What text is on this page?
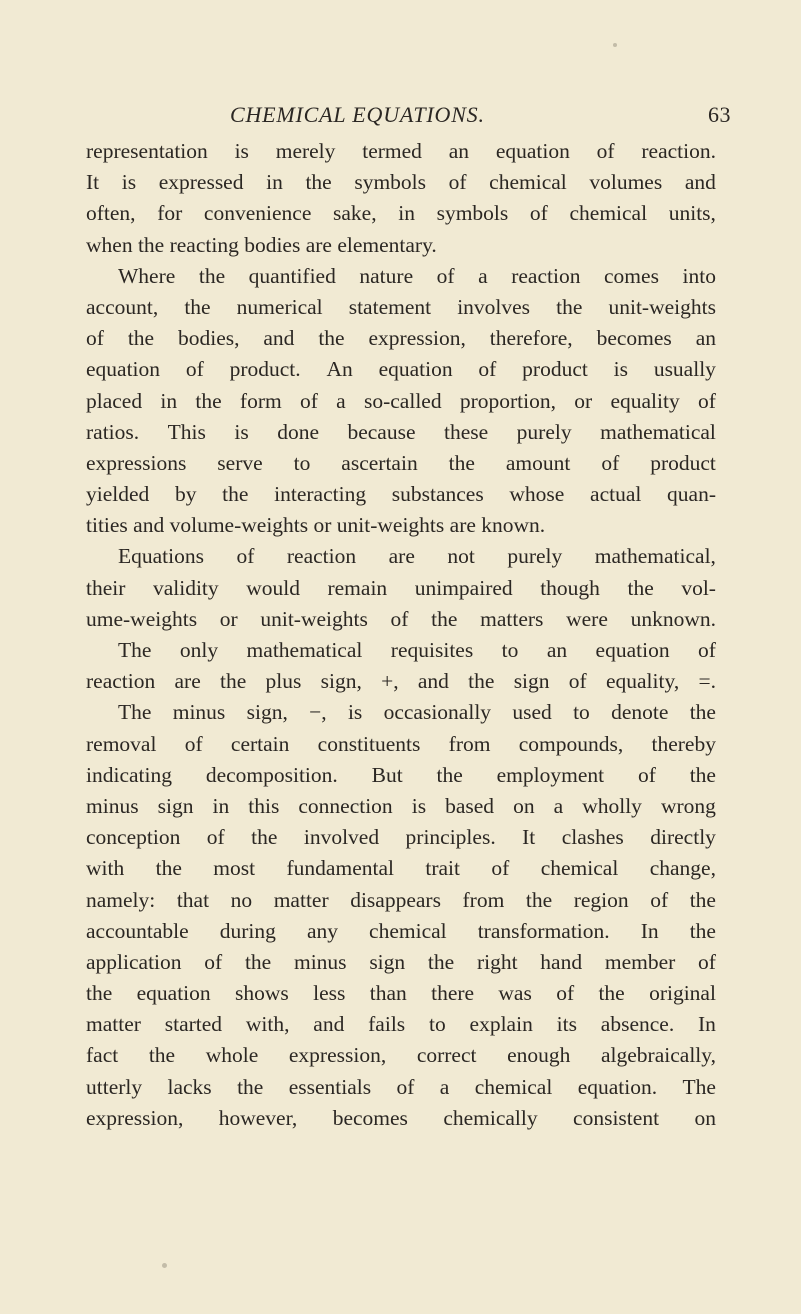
CHEMICAL EQUATIONS.	63
representation is merely termed an equation of reaction.
It is expressed in the symbols of chemical volumes and
often, for convenience sake, in symbols of chemical units,
when the reacting bodies are elementary.
Where the quantified nature of a reaction comes into
account, the numerical statement involves the unit-weights
of the bodies, and the expression, therefore, becomes an
equation of product. An equation of product is usually
placed in the form of a so-called proportion, or equality of
ratios. This is done because these purely mathematical
expressions serve to ascertain the amount of product
yielded by the interacting substances whose actual quan-
tities and volume-weights or unit-weights are known.
Equations of reaction are not purely mathematical,
their validity would remain unimpaired though the vol-
ume-weights or unit-weights of the matters were unknown.
The only mathematical requisites to an equation of
reaction are the plus sign, +, and the sign of equality, =.
The minus sign, −, is occasionally used to denote the
removal of certain constituents from compounds, thereby
indicating decomposition. But the employment of the
minus sign in this connection is based on a wholly wrong
conception of the involved principles. It clashes directly
with the most fundamental trait of chemical change,
namely: that no matter disappears from the region of the
accountable during any chemical transformation. In the
application of the minus sign the right hand member of
the equation shows less than there was of the original
matter started with, and fails to explain its absence. In
fact the whole expression, correct enough algebraically,
utterly lacks the essentials of a chemical equation. The
expression, however, becomes chemically consistent on
